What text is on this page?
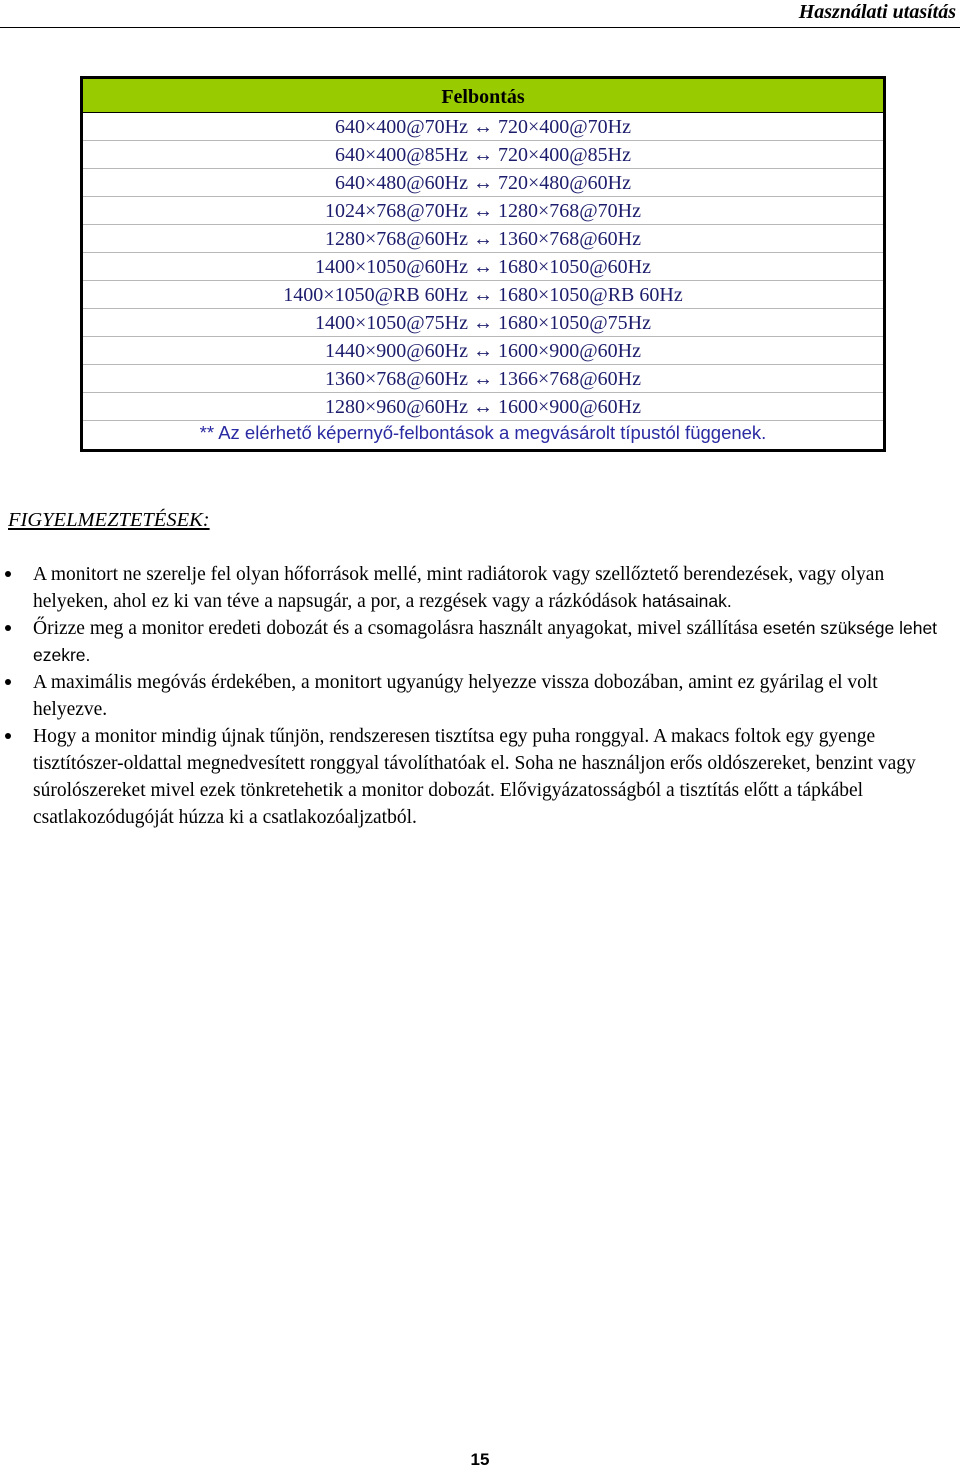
Használati utasítás
Felbontás
640×400@70Hz ↔ 720×400@70Hz
640×400@85Hz ↔ 720×400@85Hz
640×480@60Hz ↔ 720×480@60Hz
1024×768@70Hz ↔ 1280×768@70Hz
1280×768@60Hz ↔ 1360×768@60Hz
1400×1050@60Hz ↔ 1680×1050@60Hz
1400×1050@RB 60Hz ↔ 1680×1050@RB 60Hz
1400×1050@75Hz ↔ 1680×1050@75Hz
1440×900@60Hz ↔ 1600×900@60Hz
1360×768@60Hz ↔ 1366×768@60Hz
1280×960@60Hz ↔ 1600×900@60Hz
** Az elérhető képernyő-felbontások a megvásárolt típustól függenek.
FIGYELMEZTETÉSEK:
A monitort ne szerelje fel olyan hőforrások mellé, mint radiátorok vagy szellőztető berendezések, vagy olyan helyeken, ahol ez ki van téve a napsugár, a por, a rezgések vagy a rázkódások hatásainak.
Őrizze meg a monitor eredeti dobozát és a csomagolásra használt anyagokat, mivel szállítása esetén szüksége lehet ezekre.
A maximális megóvás érdekében, a monitort ugyanúgy helyezze vissza dobozában, amint ez gyárilag el volt helyezve.
Hogy a monitor mindig újnak tűnjön, rendszeresen tisztítsa egy puha ronggyal. A makacs foltok egy gyenge tisztítószer-oldattal megnedvesített ronggyal távolíthatóak el. Soha ne használjon erős oldószereket, benzint vagy súrolószereket mivel ezek tönkretehetik a monitor dobozát. Elővigyázatosságból a tisztítás előtt a tápkábel csatlakozódugóját húzza ki a csatlakozóaljzatból.
15
